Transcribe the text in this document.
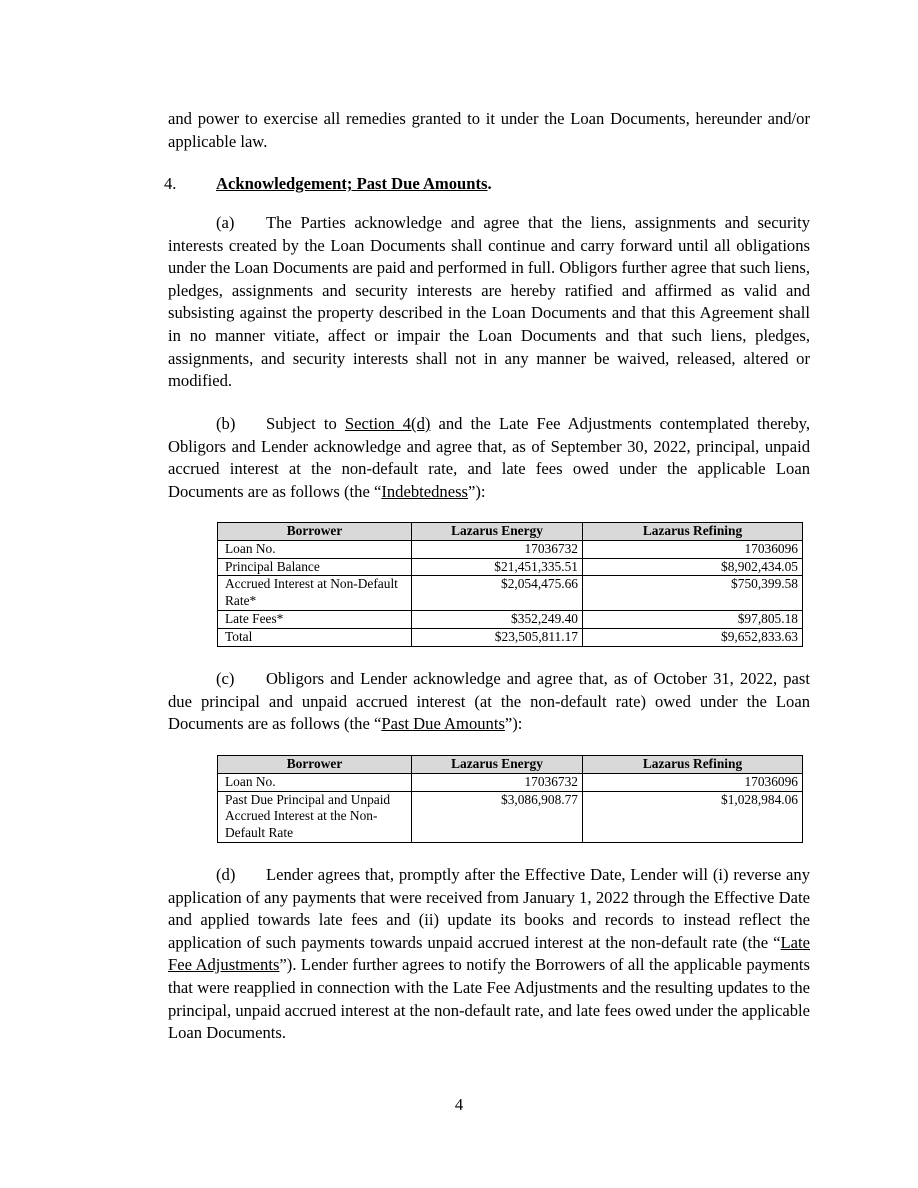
and power to exercise all remedies granted to it under the Loan Documents, hereunder and/or applicable law.

4. Acknowledgement; Past Due Amounts.

(a) The Parties acknowledge and agree that the liens, assignments and security interests created by the Loan Documents shall continue and carry forward until all obligations under the Loan Documents are paid and performed in full. Obligors further agree that such liens, pledges, assignments and security interests are hereby ratified and affirmed as valid and subsisting against the property described in the Loan Documents and that this Agreement shall in no manner vitiate, affect or impair the Loan Documents and that such liens, pledges, assignments, and security interests shall not in any manner be waived, released, altered or modified.

(b) Subject to Section 4(d) and the Late Fee Adjustments contemplated thereby, Obligors and Lender acknowledge and agree that, as of September 30, 2022, principal, unpaid accrued interest at the non-default rate, and late fees owed under the applicable Loan Documents are as follows (the “Indebtedness”):

Borrower	Lazarus Energy	Lazarus Refining
Loan No.	17036732	17036096
Principal Balance	$21,451,335.51	$8,902,434.05
Accrued Interest at Non-Default Rate*	$2,054,475.66	$750,399.58
Late Fees*	$352,249.40	$97,805.18
Total	$23,505,811.17	$9,652,833.63

(c) Obligors and Lender acknowledge and agree that, as of October 31, 2022, past due principal and unpaid accrued interest (at the non-default rate) owed under the Loan Documents are as follows (the “Past Due Amounts”):

Borrower	Lazarus Energy	Lazarus Refining
Loan No.	17036732	17036096
Past Due Principal and Unpaid Accrued Interest at the Non-Default Rate	$3,086,908.77	$1,028,984.06

(d) Lender agrees that, promptly after the Effective Date, Lender will (i) reverse any application of any payments that were received from January 1, 2022 through the Effective Date and applied towards late fees and (ii) update its books and records to instead reflect the application of such payments towards unpaid accrued interest at the non-default rate (the “Late Fee Adjustments”). Lender further agrees to notify the Borrowers of all the applicable payments that were reapplied in connection with the Late Fee Adjustments and the resulting updates to the principal, unpaid accrued interest at the non-default rate, and late fees owed under the applicable Loan Documents.

4
